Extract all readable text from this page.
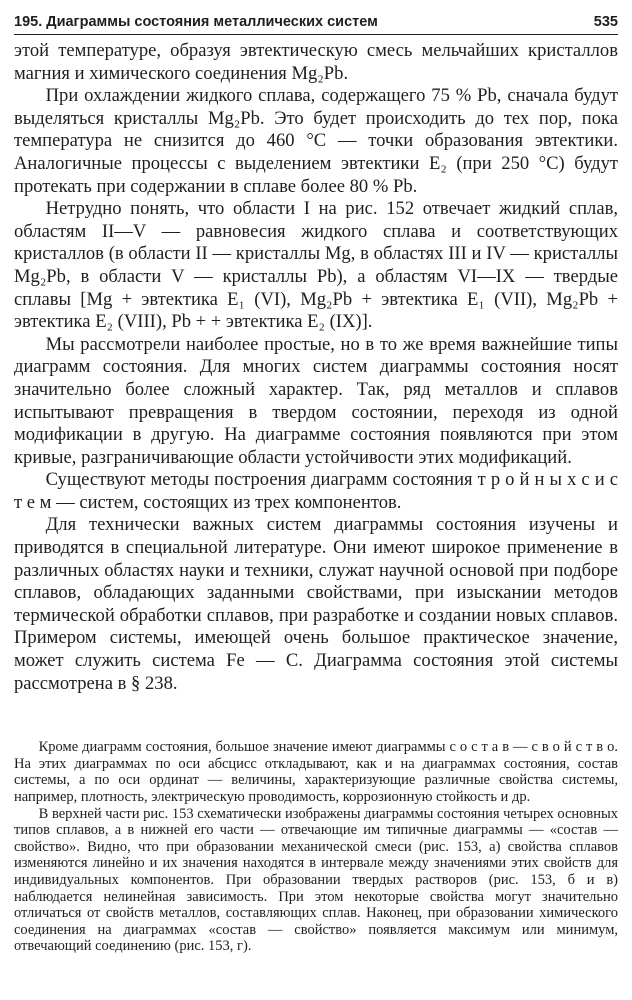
195. Диаграммы состояния металлических систем	535

этой температуре, образуя эвтектическую смесь мельчайших кристаллов магния и химического соединения Mg₂Pb.

При охлаждении жидкого сплава, содержащего 75 % Pb, сначала будут выделяться кристаллы Mg₂Pb. Это будет происходить до тех пор, пока температура не снизится до 460 °C — точки образования эвтектики. Аналогичные процессы с выделением эвтектики E₂ (при 250 °C) будут протекать при содержании в сплаве более 80 % Pb.

Нетрудно понять, что области I на рис. 152 отвечает жидкий сплав, областям II—V — равновесия жидкого сплава и соответствующих кристаллов (в области II — кристаллы Mg, в областях III и IV — кристаллы Mg₂Pb, в области V — кристаллы Pb), а областям VI—IX — твердые сплавы [Mg + эвтектика E₁ (VI), Mg₂Pb + эвтектика E₁ (VII), Mg₂Pb + эвтектика E₂ (VIII), Pb + + эвтектика E₂ (IX)].

Мы рассмотрели наиболее простые, но в то же время важнейшие типы диаграмм состояния. Для многих систем диаграммы состояния носят значительно более сложный характер. Так, ряд металлов и сплавов испытывают превращения в твердом состоянии, переходя из одной модификации в другую. На диаграмме состояния появляются при этом кривые, разграничивающие области устойчивости этих модификаций.

Существуют методы построения диаграмм состояния т р о й н ы х с и с т е м — систем, состоящих из трех компонентов.

Для технически важных систем диаграммы состояния изучены и приводятся в специальной литературе. Они имеют широкое применение в различных областях науки и техники, служат научной основой при подборе сплавов, обладающих заданными свойствами, при изыскании методов термической обработки сплавов, при разработке и создании новых сплавов. Примером системы, имеющей очень большое практическое значение, может служить система Fe — C. Диаграмма состояния этой системы рассмотрена в § 238.

Кроме диаграмм состояния, большое значение имеют диаграммы с о с т а в — с в о й с т в о. На этих диаграммах по оси абсцисс откладывают, как и на диаграммах состояния, состав системы, а по оси ординат — величины, характеризующие различные свойства системы, например, плотность, электрическую проводимость, коррозионную стойкость и др.

В верхней части рис. 153 схематически изображены диаграммы состояния четырех основных типов сплавов, а в нижней его части — отвечающие им типичные диаграммы — «состав — свойство». Видно, что при образовании механической смеси (рис. 153, а) свойства сплавов изменяются линейно и их значения находятся в интервале между значениями этих свойств для индивидуальных компонентов. При образовании твердых растворов (рис. 153, б и в) наблюдается нелинейная зависимость. При этом некоторые свойства могут значительно отличаться от свойств металлов, составляющих сплав. Наконец, при образовании химического соединения на диаграммах «состав — свойство» появляется максимум или минимум, отвечающий соединению (рис. 153, г).
